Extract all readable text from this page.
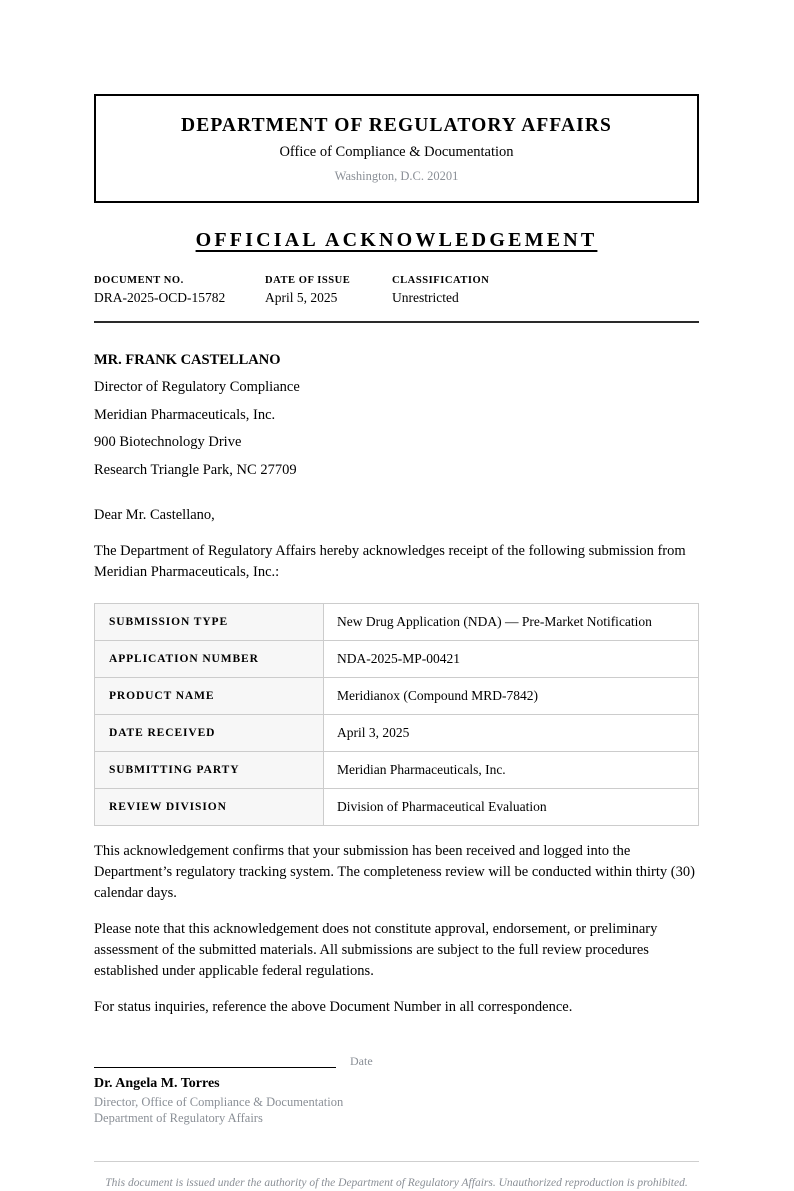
DEPARTMENT OF REGULATORY AFFAIRS
Office of Compliance & Documentation
Washington, D.C. 20201
OFFICIAL ACKNOWLEDGEMENT
DOCUMENT NO.
DRA-2025-OCD-15782
DATE OF ISSUE
April 5, 2025
CLASSIFICATION
Unrestricted
MR. FRANK CASTELLANO
Director of Regulatory Compliance
Meridian Pharmaceuticals, Inc.
900 Biotechnology Drive
Research Triangle Park, NC 27709
Dear Mr. Castellano,
The Department of Regulatory Affairs hereby acknowledges receipt of the following submission from Meridian Pharmaceuticals, Inc.:
SUBMISSION TYPE	New Drug Application (NDA) — Pre-Market Notification
APPLICATION NUMBER	NDA-2025-MP-00421
PRODUCT NAME	Meridianox (Compound MRD-7842)
DATE RECEIVED	April 3, 2025
SUBMITTING PARTY	Meridian Pharmaceuticals, Inc.
REVIEW DIVISION	Division of Pharmaceutical Evaluation
This acknowledgement confirms that your submission has been received and logged into the Department’s regulatory tracking system. The completeness review will be conducted within thirty (30) calendar days.
Please note that this acknowledgement does not constitute approval, endorsement, or preliminary assessment of the submitted materials. All submissions are subject to the full review procedures established under applicable federal regulations.
For status inquiries, reference the above Document Number in all correspondence.
Date
Dr. Angela M. Torres
Director, Office of Compliance & Documentation
Department of Regulatory Affairs
This document is issued under the authority of the Department of Regulatory Affairs. Unauthorized reproduction is prohibited.
